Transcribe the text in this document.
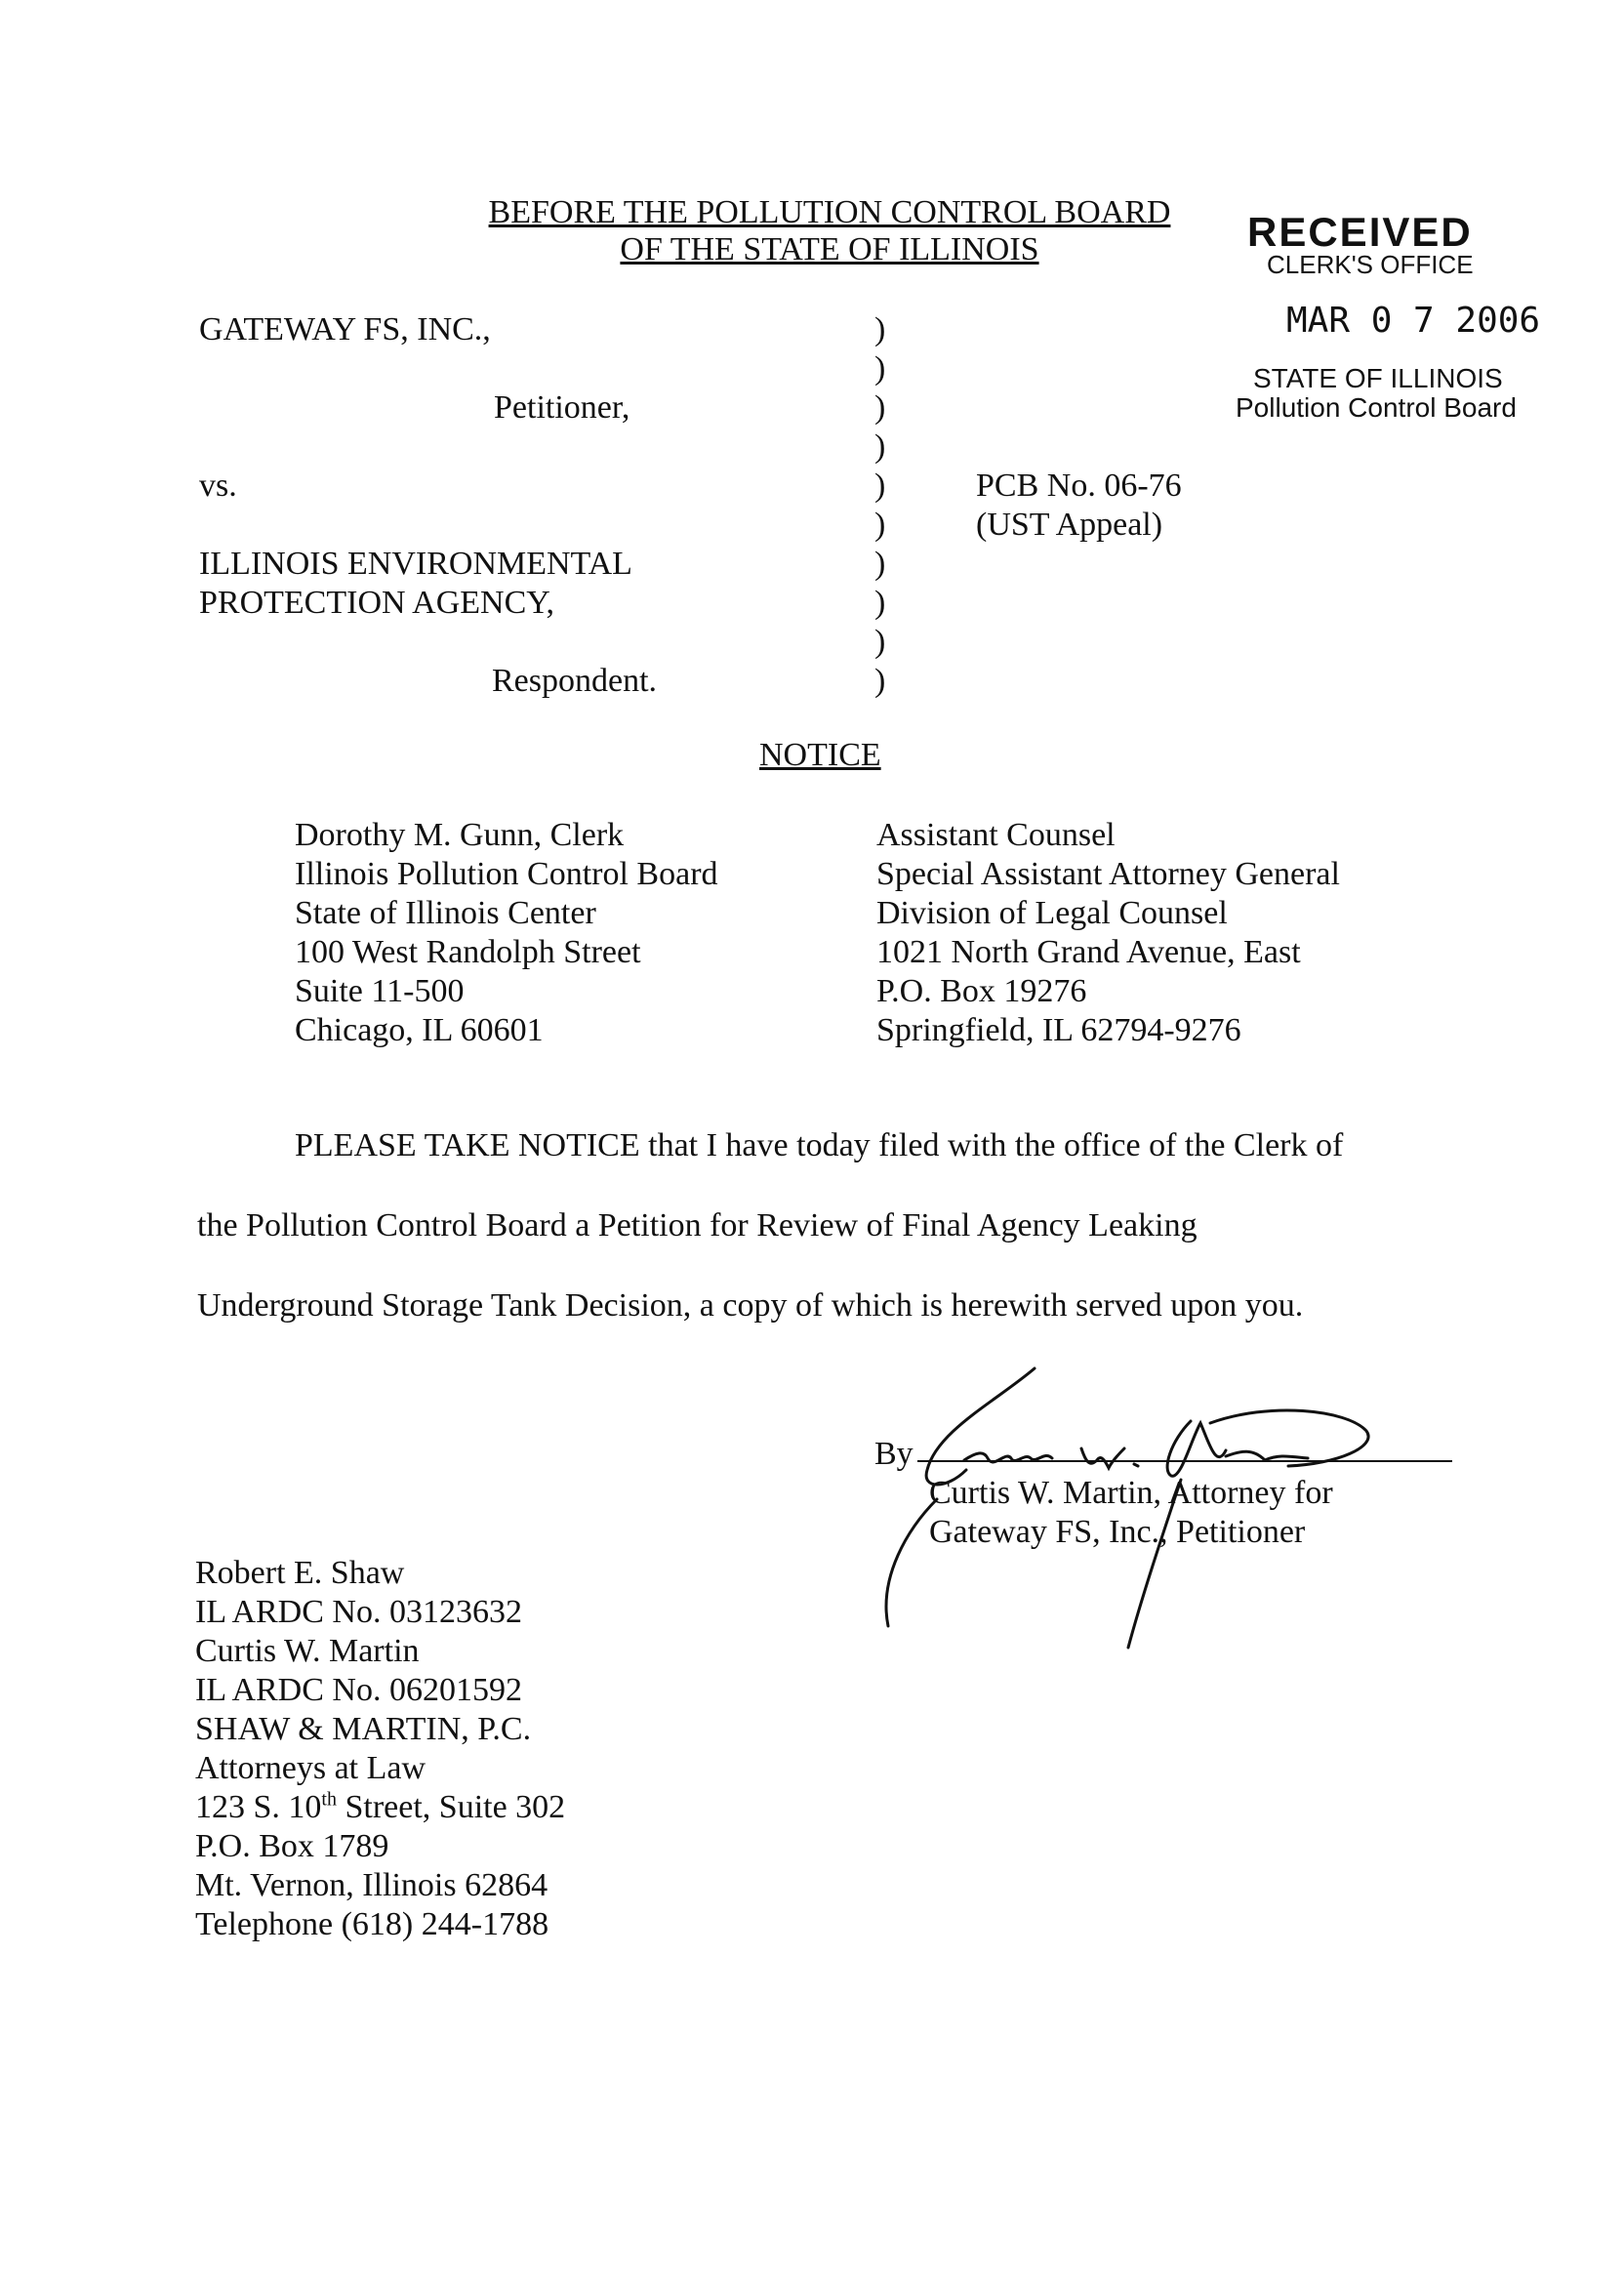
BEFORE THE POLLUTION CONTROL BOARD
OF THE STATE OF ILLINOIS	RECEIVED
CLERK'S OFFICE
MAR 0 7 2006
STATE OF ILLINOIS
Pollution Control Board
GATEWAY FS, INC.,
Petitioner,
vs.
ILLINOIS ENVIRONMENTAL
PROTECTION AGENCY,
Respondent.
)
)
)
)
)
)
)
)
)
)
PCB No. 06-76
(UST Appeal)
NOTICE
Dorothy M. Gunn, Clerk
Illinois Pollution Control Board
State of Illinois Center
100 West Randolph Street
Suite 11-500
Chicago, IL 60601
Assistant Counsel
Special Assistant Attorney General
Division of Legal Counsel
1021 North Grand Avenue, East
P.O. Box 19276
Springfield, IL 62794-9276
PLEASE TAKE NOTICE that I have today filed with the office of the Clerk of
the Pollution Control Board a Petition for Review of Final Agency Leaking
Underground Storage Tank Decision, a copy of which is herewith served upon you.
By
Curtis W. Martin
Curtis W. Martin, Attorney for
Gateway FS, Inc., Petitioner
Robert E. Shaw
IL ARDC No. 03123632
Curtis W. Martin
IL ARDC No. 06201592
SHAW & MARTIN, P.C.
Attorneys at Law
123 S. 10th Street, Suite 302
P.O. Box 1789
Mt. Vernon, Illinois 62864
Telephone (618) 244-1788
